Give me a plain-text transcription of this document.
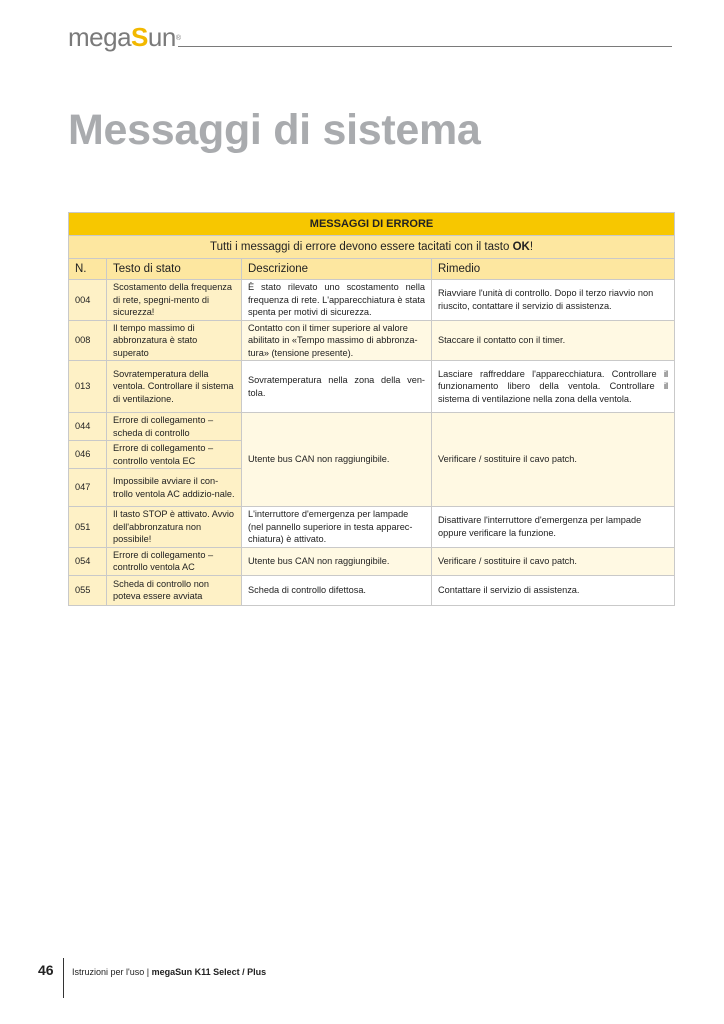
megaSun®
Messaggi di sistema
MESSAGGI DI ERRORE			
Tutti i messaggi di errore devono essere tacitati con il tasto OK!			
N.	Testo di stato	Descrizione	Rimedio
004	Scostamento della frequenza di rete, spegni-mento di sicurezza!	È stato rilevato uno scostamento nella frequenza di rete. L'apparecchiatura è stata spenta per motivi di sicurezza.	Riavviare l'unità di controllo. Dopo il terzo riavvio non riuscito, contattare il servizio di assistenza.
008	Il tempo massimo di abbronzatura è stato superato	Contatto con il timer superiore al valore abilitato in «Tempo massimo di abbronza-tura» (tensione presente).	Staccare il contatto con il timer.
013	Sovratemperatura della ventola. Controllare il sistema di ventilazione.	Sovratemperatura nella zona della ven-tola.	Lasciare raffreddare l'apparecchiatura. Controllare il funzionamento libero della ventola. Controllare il sistema di ventilazione nella zona della ventola.
044	Errore di collegamento – scheda di controllo	Utente bus CAN non raggiungibile.	Verificare / sostituire il cavo patch.
046	Errore di collegamento – controllo ventola EC		
047	Impossibile avviare il con-trollo ventola AC addizio-nale.		
051	Il tasto STOP è attivato. Avvio dell'abbronzatura non possibile!	L'interruttore d'emergenza per lampade (nel pannello superiore in testa apparec-chiatura) è attivato.	Disattivare l'interruttore d'emergenza per lampade oppure verificare la funzione.
054	Errore di collegamento – controllo ventola AC	Utente bus CAN non raggiungibile.	Verificare / sostituire il cavo patch.
055	Scheda di controllo non poteva essere avviata	Scheda di controllo difettosa.	Contattare il servizio di assistenza.
46 Istruzioni per l'uso | megaSun K11 Select / Plus
